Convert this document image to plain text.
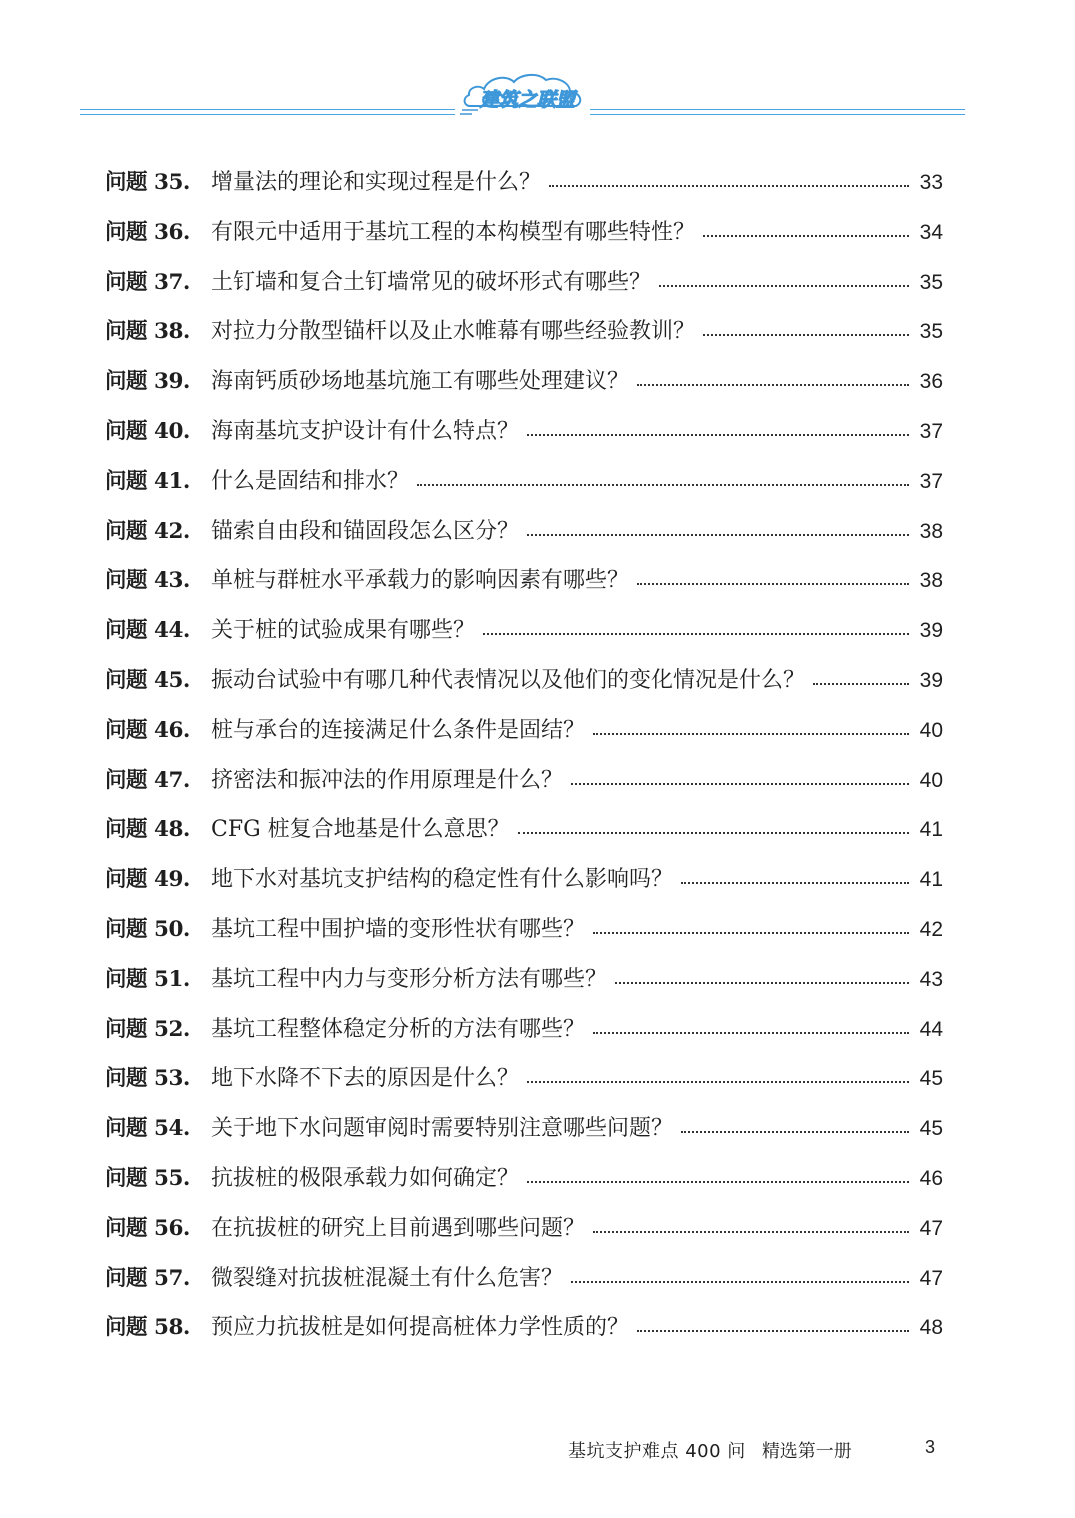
建筑之联盟
问题 35. 增量法的理论和实现过程是什么？	33
问题 36. 有限元中适用于基坑工程的本构模型有哪些特性？	34
问题 37. 土钉墙和复合土钉墙常见的破坏形式有哪些？	35
问题 38. 对拉力分散型锚杆以及止水帷幕有哪些经验教训？	35
问题 39. 海南钙质砂场地基坑施工有哪些处理建议？	36
问题 40. 海南基坑支护设计有什么特点？	37
问题 41. 什么是固结和排水？	37
问题 42. 锚索自由段和锚固段怎么区分？	38
问题 43. 单桩与群桩水平承载力的影响因素有哪些？	38
问题 44. 关于桩的试验成果有哪些？	39
问题 45. 振动台试验中有哪几种代表情况以及他们的变化情况是什么？	39
问题 46. 桩与承台的连接满足什么条件是固结？	40
问题 47. 挤密法和振冲法的作用原理是什么？	40
问题 48. CFG 桩复合地基是什么意思？	41
问题 49. 地下水对基坑支护结构的稳定性有什么影响吗？	41
问题 50. 基坑工程中围护墙的变形性状有哪些？	42
问题 51. 基坑工程中内力与变形分析方法有哪些？	43
问题 52. 基坑工程整体稳定分析的方法有哪些？	44
问题 53. 地下水降不下去的原因是什么？	45
问题 54. 关于地下水问题审阅时需要特别注意哪些问题？	45
问题 55. 抗拔桩的极限承载力如何确定？	46
问题 56. 在抗拔桩的研究上目前遇到哪些问题？	47
问题 57. 微裂缝对抗拔桩混凝土有什么危害？	47
问题 58. 预应力抗拔桩是如何提高桩体力学性质的？	48
基坑支护难点 400 问 精选第一册	3
